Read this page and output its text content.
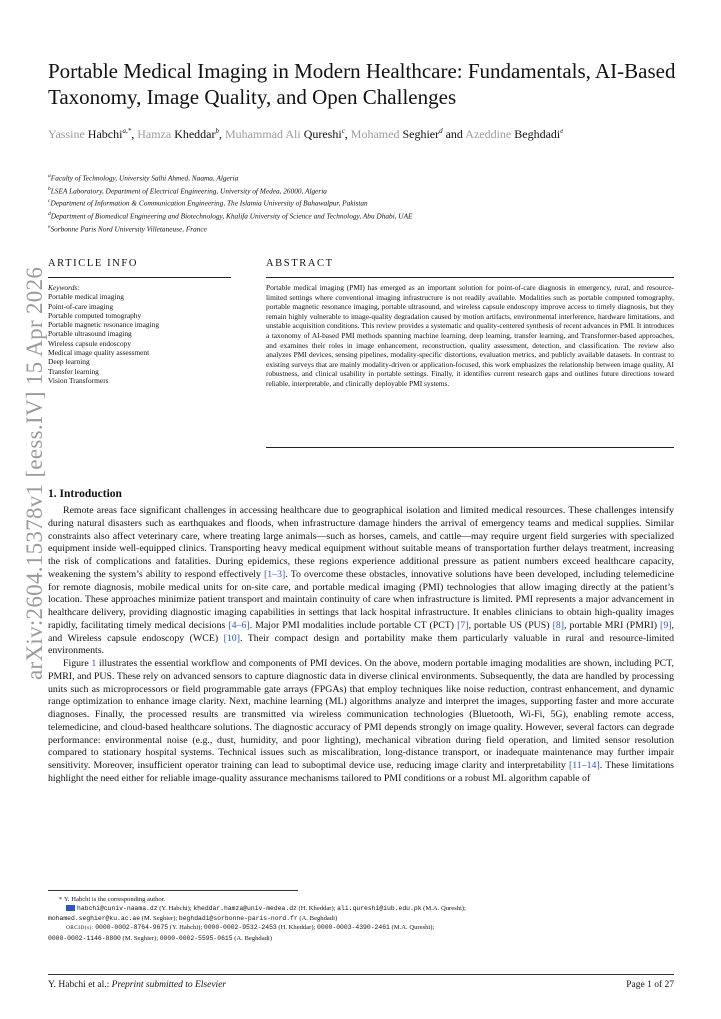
arXiv:2604.15378v1 [eess.IV] 15 Apr 2026
Portable Medical Imaging in Modern Healthcare: Fundamentals, AI-Based Taxonomy, Image Quality, and Open Challenges
Yassine Habchi$^{a,*}$, Hamza Kheddar$^b$, Muhammad Ali Qureshi$^c$, Mohamed Seghier$^d$ and Azeddine Beghdadi$^e$
$^a$Faculty of Technology, University Salhi Ahmed, Naama, Algeria
$^b$LSEA Laboratory, Department of Electrical Engineering, University of Medea, 26000, Algeria
$^c$Department of Information & Communication Engineering, The Islamia University of Bahawalpur, Pakistan
$^d$Department of Biomedical Engineering and Biotechnology, Khalifa University of Science and Technology, Abu Dhabi, UAE
$^e$Sorbonne Paris Nord University Villetaneuse, France
ARTICLE INFO	ABSTRACT
Keywords:
Portable medical imaging
Point-of-care imaging
Portable computed tomography
Portable magnetic resonance imaging
Portable ultrasound imaging
Wireless capsule endoscopy
Medical image quality assessment
Deep learning
Transfer learning
Vision Transformers
Portable medical imaging (PMI) has emerged as an important solution for point-of-care diagnosis in emergency, rural, and resource-limited settings where conventional imaging infrastructure is not readily available. Modalities such as portable computed tomography, portable magnetic resonance imaging, portable ultrasound, and wireless capsule endoscopy improve access to timely diagnosis, but they remain highly vulnerable to image-quality degradation caused by motion artifacts, environmental interference, hardware limitations, and unstable acquisition conditions. This review provides a systematic and quality-centered synthesis of recent advances in PMI. It introduces a taxonomy of AI-based PMI methods spanning machine learning, deep learning, transfer learning, and Transformer-based approaches, and examines their roles in image enhancement, reconstruction, quality assessment, detection, and classification. The review also analyzes PMI devices, sensing pipelines, modality-specific distortions, evaluation metrics, and publicly available datasets. In contrast to existing surveys that are mainly modality-driven or application-focused, this work emphasizes the relationship between image quality, AI robustness, and clinical usability in portable settings. Finally, it identifies current research gaps and outlines future directions toward reliable, interpretable, and clinically deployable PMI systems.
1. Introduction

Remote areas face significant challenges in accessing healthcare due to geographical isolation and limited medical resources. These challenges intensify during natural disasters such as earthquakes and floods, when infrastructure damage hinders the arrival of emergency teams and medical supplies. Similar constraints also affect veterinary care, where treating large animals—such as horses, camels, and cattle—may require urgent field surgeries with specialized equipment inside well-equipped clinics. Transporting heavy medical equipment without suitable means of transportation further delays treatment, increasing the risk of complications and fatalities. During epidemics, these regions experience additional pressure as patient numbers exceed healthcare capacity, weakening the system’s ability to respond effectively [1–3]. To overcome these obstacles, innovative solutions have been developed, including telemedicine for remote diagnosis, mobile medical units for on-site care, and portable medical imaging (PMI) technologies that allow imaging directly at the patient’s location. These approaches minimize patient transport and maintain continuity of care when infrastructure is limited. PMI represents a major advancement in healthcare delivery, providing diagnostic imaging capabilities in settings that lack hospital infrastructure. It enables clinicians to obtain high-quality images rapidly, facilitating timely medical decisions [4–6]. Major PMI modalities include portable CT (PCT) [7], portable US (PUS) [8], portable MRI (PMRI) [9], and Wireless capsule endoscopy (WCE) [10]. Their compact design and portability make them particularly valuable in rural and resource-limited environments.

Figure 1 illustrates the essential workflow and components of PMI devices. On the above, modern portable imaging modalities are shown, including PCT, PMRI, and PUS. These rely on advanced sensors to capture diagnostic data in diverse clinical environments. Subsequently, the data are handled by processing units such as microprocessors or field programmable gate arrays (FPGAs) that employ techniques like noise reduction, contrast enhancement, and dynamic range optimization to enhance image clarity. Next, machine learning (ML) algorithms analyze and interpret the images, supporting faster and more accurate diagnoses. Finally, the processed results are transmitted via wireless communication technologies (Bluetooth, Wi-Fi, 5G), enabling remote access, telemedicine, and cloud-based healthcare solutions. The diagnostic accuracy of PMI depends strongly on image quality. However, several factors can degrade performance: environmental noise (e.g., dust, humidity, and poor lighting), mechanical vibration during field operation, and limited sensor resolution compared to stationary hospital systems. Technical issues such as miscalibration, long-distance transport, or inadequate maintenance may further impair sensitivity. Moreover, insufficient operator training can lead to suboptimal device use, reducing image clarity and interpretability [11–14]. These limitations highlight the need either for reliable image-quality assurance mechanisms tailored to PMI conditions or a robust ML algorithm capable of

* Y. Habchi is the corresponding author.
habchi@cuniv-naama.dz (Y. Habchi); kheddar.hamza@univ-medea.dz (H. Kheddar); ali.qureshi@iub.edu.pk (M.A. Qureshi);
mohamed.seghier@ku.ac.ae (M. Seghier); beghdadi@sorbonne-paris-nord.fr (A. Beghdadi)
ORCID(s): 0000-0002-8764-9675 (Y. Habchi); 0000-0002-9532-2453 (H. Kheddar); 0000-0003-4390-2461 (M.A. Qureshi);
0000-0002-1146-8800 (M. Seghier); 0000-0002-5595-0615 (A. Beghdadi)
Y. Habchi et al.: Preprint submitted to Elsevier	Page 1 of 27
